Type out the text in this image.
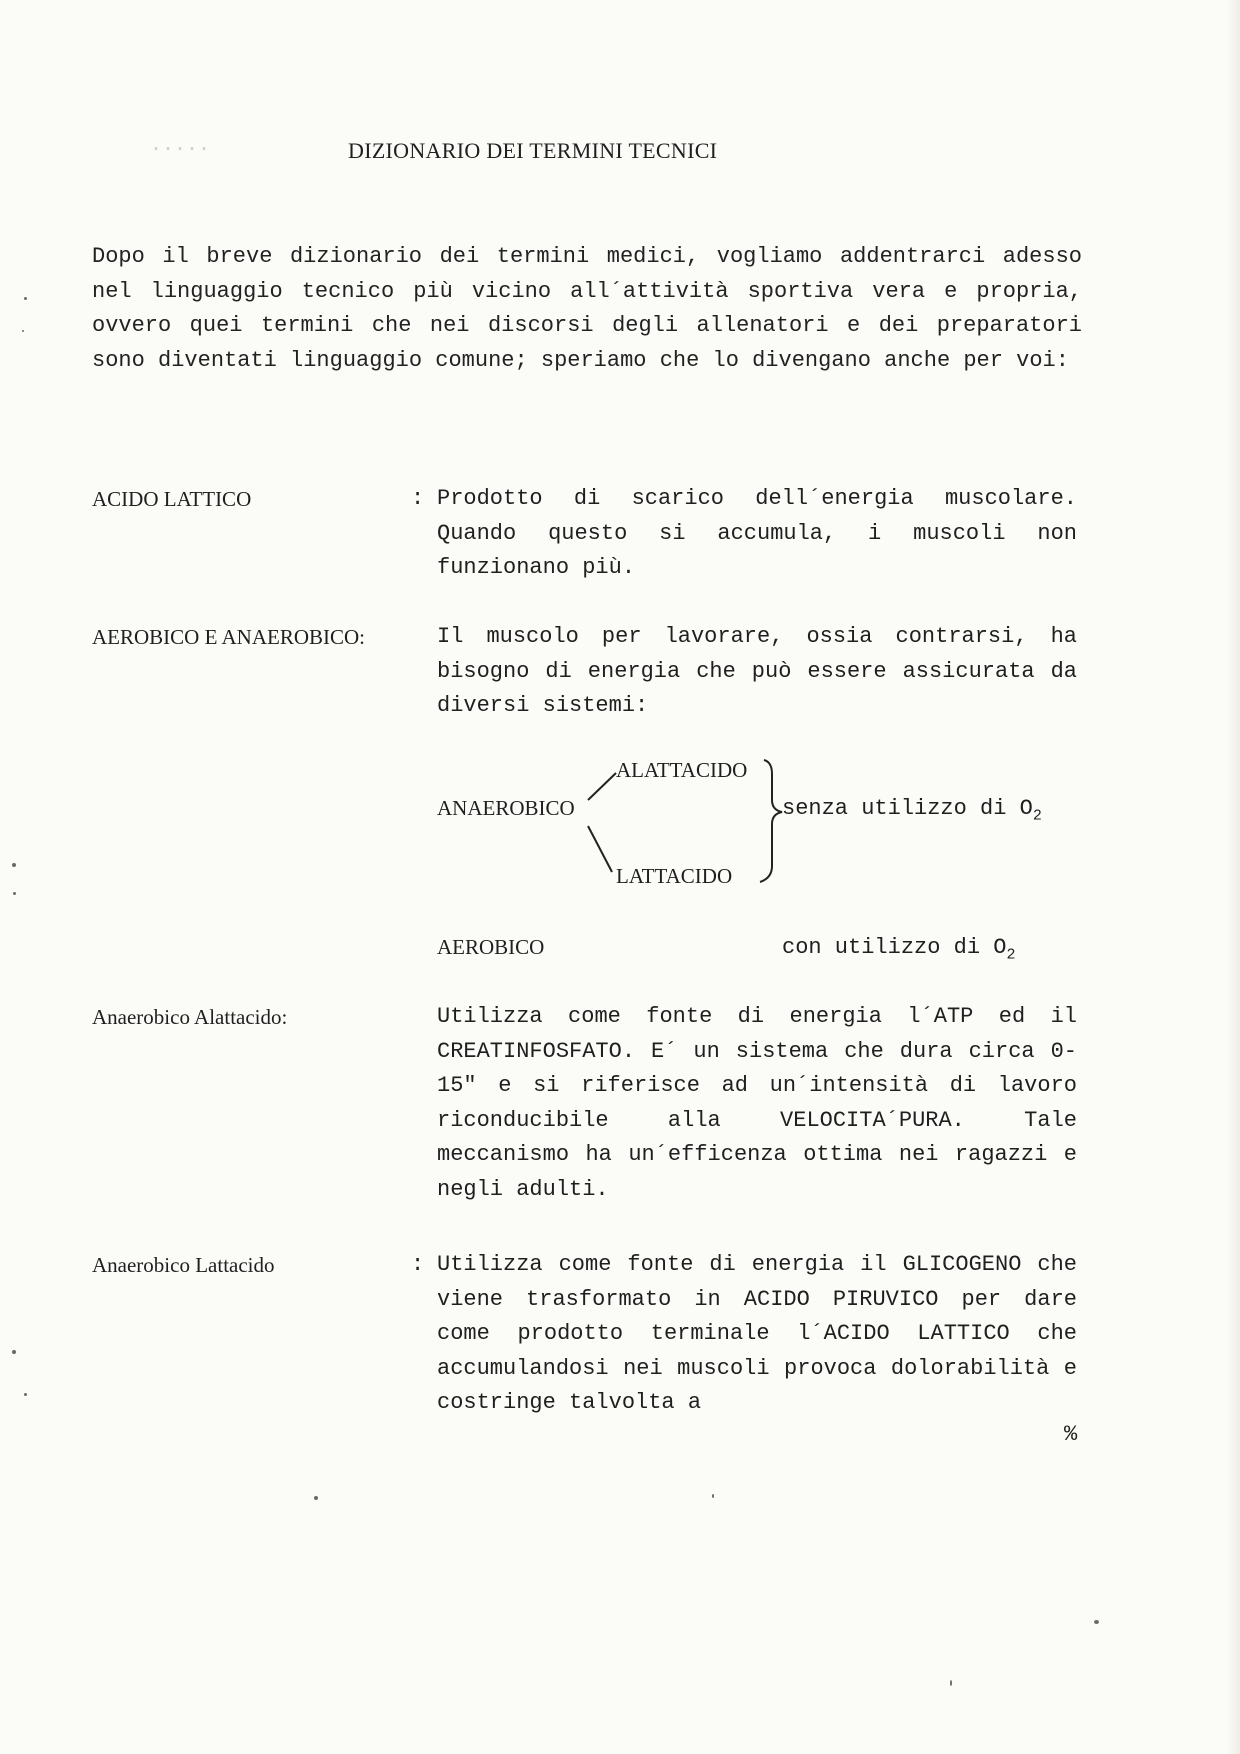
·····	DIZIONARIO DEI TERMINI TECNICI
Dopo il breve dizionario dei termini medici, vogliamo addentrarci adesso nel linguaggio tecnico più vicino all´attività sportiva vera e propria, ovvero quei termini che nei discorsi degli allenatori e dei preparatori sono diventati linguaggio comune; speriamo che lo divengano anche per voi:
ACIDO LATTICO	: Prodotto di scarico dell´energia muscolare. Quando questo si accumula, i muscoli non funzionano più.
AEROBICO E ANAEROBICO:	Il muscolo per lavorare, ossia contrarsi, ha bisogno di energia che può essere assicurata da diversi sistemi:
ALATTACIDO
ANAEROBICO
LATTACIDO
senza utilizzo di $O_2$
AEROBICO	con utilizzo di $O_2$
Anaerobico Alattacido:	Utilizza come fonte di energia l´ATP ed il CREATINFOSFATO. E´ un sistema che dura circa 0-15" e si riferisce ad un´intensità di lavoro riconducibile alla VELOCITA´PURA. Tale meccanismo ha un´efficenza ottima nei ragazzi e negli adulti.
Anaerobico Lattacido	: Utilizza come fonte di energia il GLICOGENO che viene trasformato in ACIDO PIRUVICO per dare come prodotto terminale l´ACIDO LATTICO che accumulandosi nei muscoli provoca dolorabilità e costringe talvolta a
%
